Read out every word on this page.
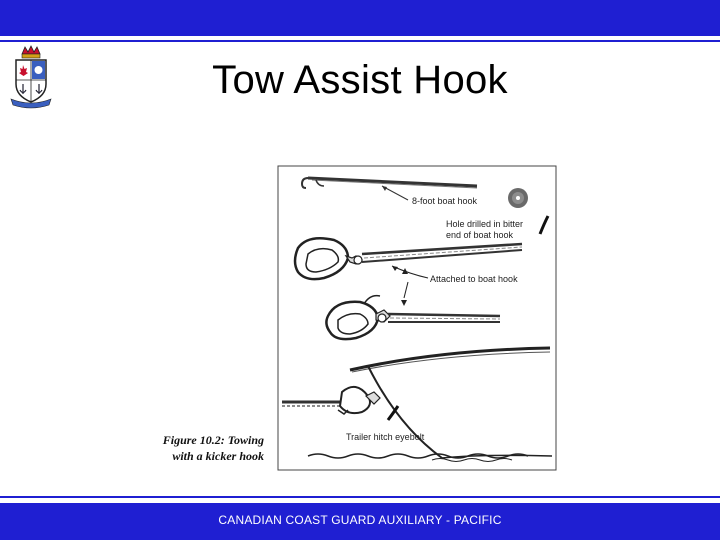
Tow Assist Hook
8-foot boat hook
Hole drilled in bitter
end of boat hook
Attached to boat hook
Trailer hitch eyebolt
Figure 10.2: Towing
with a kicker hook
CANADIAN COAST GUARD AUXILIARY - PACIFIC
